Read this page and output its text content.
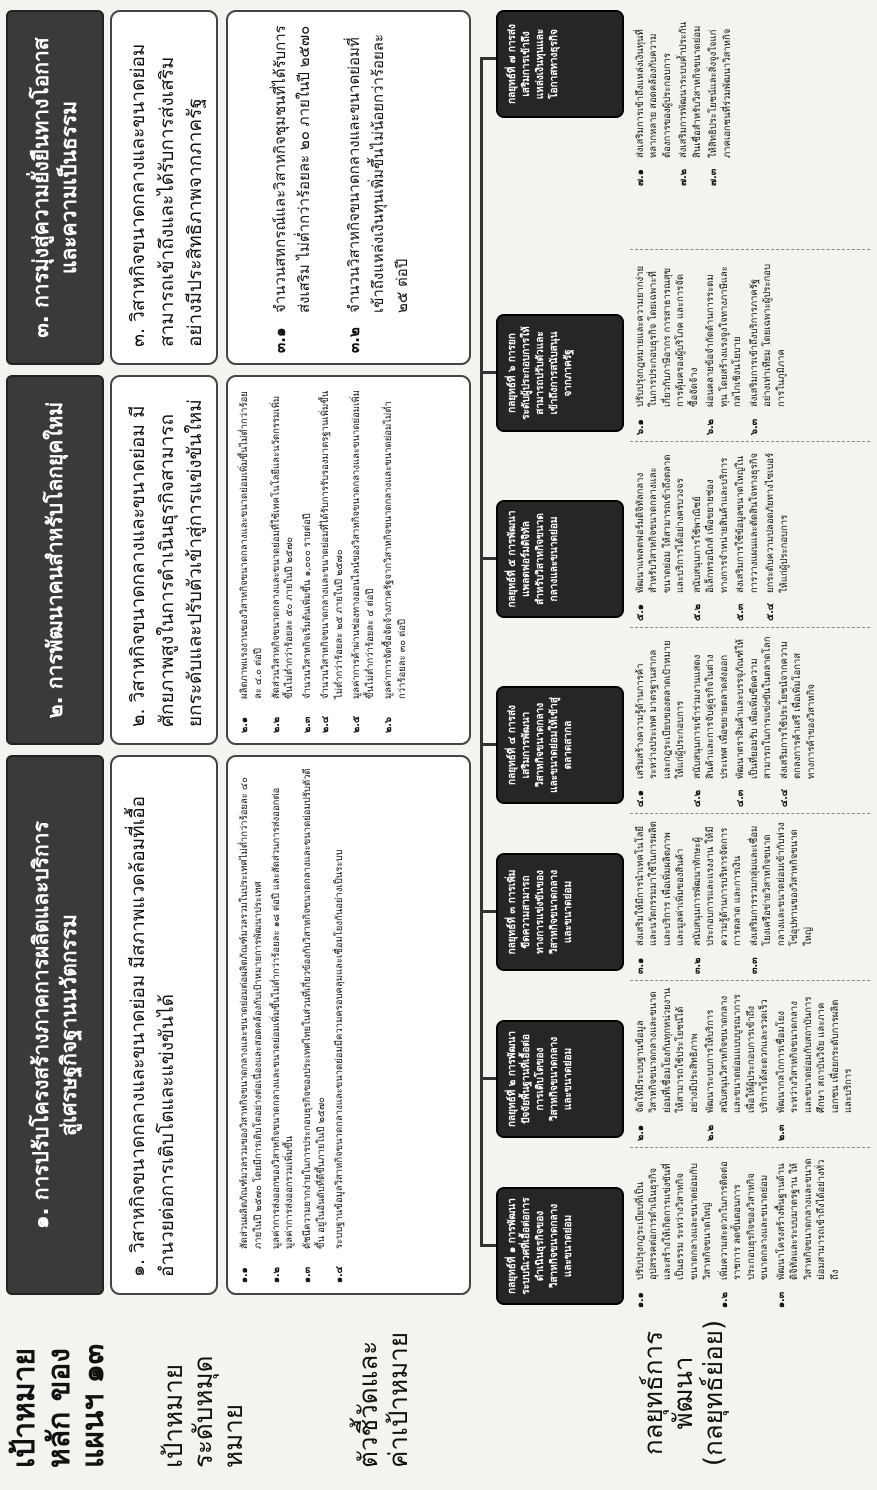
เป้าหมายหลัก ของแผนฯ ๑๓ เป้าหมายระดับหมุดหมาย	ตัวชี้วัดและค่าเป้าหมาย	กลยุทธ์การพัฒนา (กลยุทธ์ย่อย)
๑. การปรับโครงสร้างภาคการผลิตและบริการ สู่เศรษฐกิจฐานนวัตกรรม
๒. การพัฒนาคนสำหรับโลกยุคใหม่
๓. การมุ่งสู่ความยั่งยืนทางโอกาส และความเป็นธรรม
๑. วิสาหกิจขนาดกลางและขนาดย่อม มีสภาพแวดล้อมที่เอื้ออำนวยต่อการเติบโตและแข่งขันได้
๒. วิสาหกิจขนาดกลางและขนาดย่อม มีศักยภาพสูงในการดำเนินธุรกิจสามารถยกระดับและปรับตัวเข้าสู่การแข่งขันใหม่
๓. วิสาหกิจขนาดกลางและขนาดย่อม สามารถเข้าถึงและได้รับการส่งเสริมอย่างมีประสิทธิภาพจากภาครัฐ
๑.๑
สัดส่วนผลิตภัณฑ์มวลรวมของวิสาหกิจขนาดกลางและขนาดย่อมต่อผลิตภัณฑ์มวลรวมในประเทศไม่ต่ำกว่าร้อยละ ๔๐ ภายในปี ๒๕๗๐ โดยมีการเติบโตอย่างต่อเนื่องและสอดคล้องกับเป้าหมายการพัฒนาประเทศ
๑.๒
มูลค่าการส่งออกของวิสาหกิจขนาดกลางและขนาดย่อมเพิ่มขึ้นไม่ต่ำกว่าร้อยละ ๑๘ ต่อปี และสัดส่วนการส่งออกต่อมูลค่าการส่งออกรวมเพิ่มขึ้น
๑.๓
ดัชนีความยากง่ายในการประกอบธุรกิจของประเทศไทยในส่วนที่เกี่ยวข้องกับวิสาหกิจขนาดกลางและขนาดย่อมปรับตัวดีขึ้น อยู่ในอันดับที่ดีขึ้นภายในปี ๒๕๗๐
๑.๔
ระบบฐานข้อมูลวิสาหกิจขนาดกลางและขนาดย่อมมีความครอบคลุมและเชื่อมโยงกันอย่างเป็นระบบ
๒.๑
ผลิตภาพแรงงานของวิสาหกิจขนาดกลางและขนาดย่อมเพิ่มขึ้นไม่ต่ำกว่าร้อยละ ๔.๐ ต่อปี
๒.๒
สัดส่วนวิสาหกิจขนาดกลางและขนาดย่อมที่ใช้เทคโนโลยีและนวัตกรรมเพิ่มขึ้นไม่ต่ำกว่าร้อยละ ๕๐ ภายในปี ๒๕๗๐
๒.๓
จำนวนวิสาหกิจเริ่มต้นเพิ่มขึ้น ๑,๐๐๐ รายต่อปี
๒.๔
จำนวนวิสาหกิจขนาดกลางและขนาดย่อมที่ได้รับการรับรองมาตรฐานเพิ่มขึ้นไม่ต่ำกว่าร้อยละ ๒๕ ภายในปี ๒๕๗๐
๒.๕
มูลค่าการค้าผ่านช่องทางออนไลน์ของวิสาหกิจขนาดกลางและขนาดย่อมเพิ่มขึ้นไม่ต่ำกว่าร้อยละ ๔ ต่อปี
๒.๖
มูลค่าการจัดซื้อจัดจ้างภาครัฐจากวิสาหกิจขนาดกลางและขนาดย่อมไม่ต่ำกว่าร้อยละ ๓๐ ต่อปี
๓.๑
จำนวนสหกรณ์และวิสาหกิจชุมชนที่ได้รับการส่งเสริม ไม่ต่ำกว่าร้อยละ ๒๐ ภายในปี ๒๕๗๐
๓.๒
จำนวนวิสาหกิจขนาดกลางและขนาดย่อมที่เข้าถึงแหล่งเงินทุนเพิ่มขึ้นไม่น้อยกว่าร้อยละ ๒๕ ต่อปี
กลยุทธ์ที่ ๑ การพัฒนาระบบนิเวศที่เอื้อต่อการดำเนินธุรกิจของวิสาหกิจขนาดกลางและขนาดย่อม
กลยุทธ์ที่ ๒ การพัฒนาปัจจัยพื้นฐานที่เอื้อต่อการเติบโตของวิสาหกิจขนาดกลางและขนาดย่อม
กลยุทธ์ที่ ๓ การเพิ่มขีดความสามารถทางการแข่งขันของวิสาหกิจขนาดกลางและขนาดย่อม
กลยุทธ์ที่ ๔ การส่งเสริมการพัฒนาวิสาหกิจขนาดกลางและขนาดย่อมให้เข้าสู่ตลาดสากล
กลยุทธ์ที่ ๕ การพัฒนาแพลตฟอร์มดิจิทัลสำหรับวิสาหกิจขนาดกลางและขนาดย่อม
กลยุทธ์ที่ ๖ การยกระดับผู้ประกอบการให้สามารถปรับตัวและเข้าถึงการสนับสนุนจากภาครัฐ
กลยุทธ์ที่ ๗ การส่งเสริมการเข้าถึงแหล่งเงินทุนและโอกาสทางธุรกิจ
๑.๑
ปรับปรุงกฎระเบียบที่เป็นอุปสรรคต่อการดำเนินธุรกิจและสร้างให้เกิดการแข่งขันที่เป็นธรรม ระหว่างวิสาหกิจขนาดกลางและขนาดย่อมกับวิสาหกิจขนาดใหญ่
๑.๒
เพิ่มความสะดวกในการติดต่อราชการ ลดขั้นตอนการประกอบธุรกิจของวิสาหกิจขนาดกลางและขนาดย่อม
๑.๓
พัฒนาโครงสร้างพื้นฐานด้านดิจิทัลและระบบมาตรฐาน ให้วิสาหกิจขนาดกลางและขนาดย่อมสามารถเข้าถึงได้อย่างทั่วถึง
๒.๑
จัดให้มีระบบฐานข้อมูลวิสาหกิจขนาดกลางและขนาดย่อมที่เชื่อมโยงกันทุกหน่วยงาน ให้สามารถใช้ประโยชน์ได้อย่างมีประสิทธิภาพ
๒.๒
พัฒนาระบบการให้บริการสนับสนุนวิสาหกิจขนาดกลางและขนาดย่อมแบบบูรณาการ เพื่อให้ผู้ประกอบการเข้าถึงบริการได้สะดวกและรวดเร็ว
๒.๓
พัฒนากลไกการเชื่อมโยงระหว่างวิสาหกิจขนาดกลางและขนาดย่อมกับสถาบันการศึกษา สถาบันวิจัย และภาคเอกชน เพื่อยกระดับการผลิตและบริการ
๓.๑
ส่งเสริมให้มีการนำเทคโนโลยีและนวัตกรรมมาใช้ในการผลิตและบริการ เพื่อเพิ่มผลิตภาพและมูลค่าเพิ่มของสินค้า
๓.๒
สนับสนุนการพัฒนาทักษะผู้ประกอบการและแรงงาน ให้มีความรู้ด้านการบริหารจัดการ การตลาด และการเงิน
๓.๓
ส่งเสริมการรวมกลุ่มและเชื่อมโยงเครือข่ายวิสาหกิจขนาดกลางและขนาดย่อมเข้ากับห่วงโซ่อุปทานของวิสาหกิจขนาดใหญ่
๔.๑
เสริมสร้างความรู้ด้านการค้าระหว่างประเทศ มาตรฐานสากล และกฎระเบียบของตลาดเป้าหมาย ให้แก่ผู้ประกอบการ
๔.๒
สนับสนุนการเข้าร่วมงานแสดงสินค้าและการจับคู่ธุรกิจในต่างประเทศ เพื่อขยายตลาดส่งออก
๔.๓
พัฒนาตราสินค้าและบรรจุภัณฑ์ให้เป็นที่ยอมรับ เพื่อเพิ่มขีดความสามารถในการแข่งขันในตลาดโลก
๔.๔
ส่งเสริมการใช้ประโยชน์จากความตกลงการค้าเสรี เพื่อเพิ่มโอกาสทางการค้าของวิสาหกิจ
๕.๑
พัฒนาแพลตฟอร์มดิจิทัลกลางสำหรับวิสาหกิจขนาดกลางและขนาดย่อม ให้สามารถเข้าถึงตลาดและบริการได้อย่างครบวงจร
๕.๒
สนับสนุนการใช้พาณิชย์อิเล็กทรอนิกส์ เพื่อขยายช่องทางการจำหน่ายสินค้าและบริการ
๕.๓
ส่งเสริมการใช้ข้อมูลขนาดใหญ่ในการวางแผนและตัดสินใจทางธุรกิจ
๕.๔
ยกระดับความปลอดภัยทางไซเบอร์ให้แก่ผู้ประกอบการ
๖.๑
ปรับปรุงกฎหมายและความยากง่ายในการประกอบธุรกิจ โดยเฉพาะที่เกี่ยวกับภาษีอากร การสาธารณสุข การคุ้มครองผู้บริโภค และการจัดซื้อจัดจ้าง
๖.๒
ผ่อนคลายข้อจำกัดด้านการระดมทุน โดยสร้างแรงจูงใจทางภาษีและกลไกเชิงนโยบาย
๖.๓
ส่งเสริมการเข้าถึงบริการภาครัฐอย่างเท่าเทียม โดยเฉพาะผู้ประกอบการในภูมิภาค
๗.๑
ส่งเสริมการเข้าถึงแหล่งเงินทุนที่หลากหลาย สอดคล้องกับความต้องการของผู้ประกอบการ
๗.๒
ส่งเสริมการพัฒนาระบบค้ำประกันสินเชื่อสำหรับวิสาหกิจขนาดย่อม
๗.๓
ให้สิทธิประโยชน์และสิ่งจูงใจแก่ภาคเอกชนที่ร่วมพัฒนาวิสาหกิจ
